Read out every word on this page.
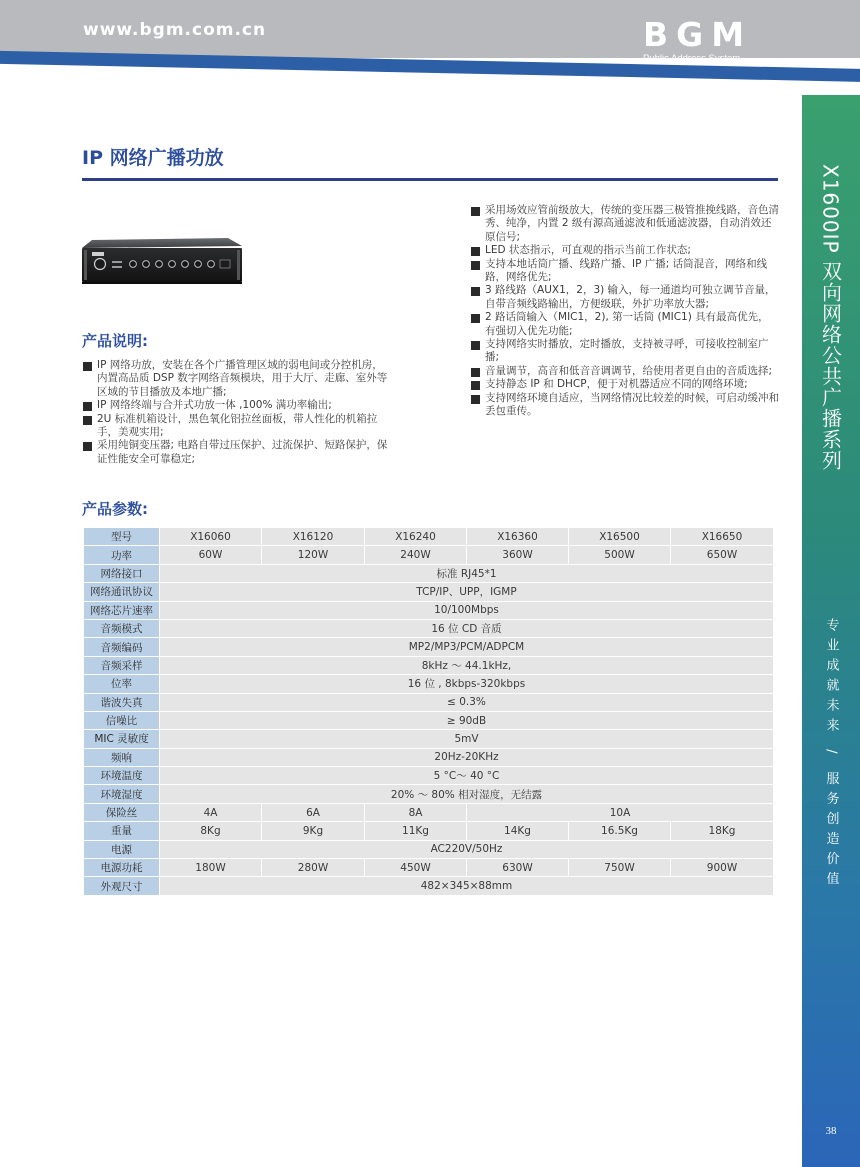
www.bgm.com.cn	BGM
Public Address System
X1600IP 双向网络公共广播系列
专业成就未来 / 服务创造价值
38
IP 网络广播功放
采用场效应管前级放大，传统的变压器三极管推挽线路，音色清秀、纯净，内置 2 级有源高通滤波和低通滤波器，自动消效还原信号;
LED 状态指示，可直观的指示当前工作状态;
支持本地话筒广播、线路广播、IP 广播; 话筒混音，网络和线路，网络优先;
3 路线路（AUX1，2，3) 输入，每一通道均可独立调节音量，自带音频线路输出，方便级联，外扩功率放大器;
2 路话筒输入（MIC1，2), 第一话筒 (MIC1) 具有最高优先，有强切入优先功能;
支持网络实时播放，定时播放，支持被寻呼，可接收控制室广播;
音量调节，高音和低音音调调节，给使用者更自由的音质选择;
支持静态 IP 和 DHCP，便于对机器适应不同的网络环境;
支持网络环境自适应，当网络情况比较差的时候，可启动缓冲和丢包重传。
产品说明:
IP 网络功放，安装在各个广播管理区域的弱电间或分控机房，内置高品质 DSP 数字网络音频模块，用于大厅、走廊、室外等区域的节目播放及本地广播;
IP 网络终端与合并式功放一体 ,100% 满功率输出;
2U 标准机箱设计，黑色氧化铝拉丝面板，带人性化的机箱拉手，美观实用;
采用纯铜变压器; 电路自带过压保护、过流保护、短路保护，保证性能安全可靠稳定;
产品参数:
型号	X16060	X16120	X16240	X16360	X16500	X16650
功率	60W	120W	240W	360W	500W	650W
网络接口	标准 RJ45*1					
网络通讯协议	TCP/IP、UPP，IGMP					
网络芯片速率	10/100Mbps					
音频模式	16 位 CD 音质					
音频编码	MP2/MP3/PCM/ADPCM					
音频采样	8kHz ～ 44.1kHz,					
位率	16 位 , 8kbps-320kbps					
谐波失真	≤ 0.3%					
信噪比	≥ 90dB					
MIC 灵敏度	5mV					
频响	20Hz-20KHz					
环境温度	5 °C～ 40 °C					
环境湿度	20% ～ 80% 相对湿度，无结露					
保险丝	4A	6A	8A	10A		
重量	8Kg	9Kg	11Kg	14Kg	16.5Kg	18Kg
电源	AC220V/50Hz					
电源功耗	180W	280W	450W	630W	750W	900W
外观尺寸	482×345×88mm					
